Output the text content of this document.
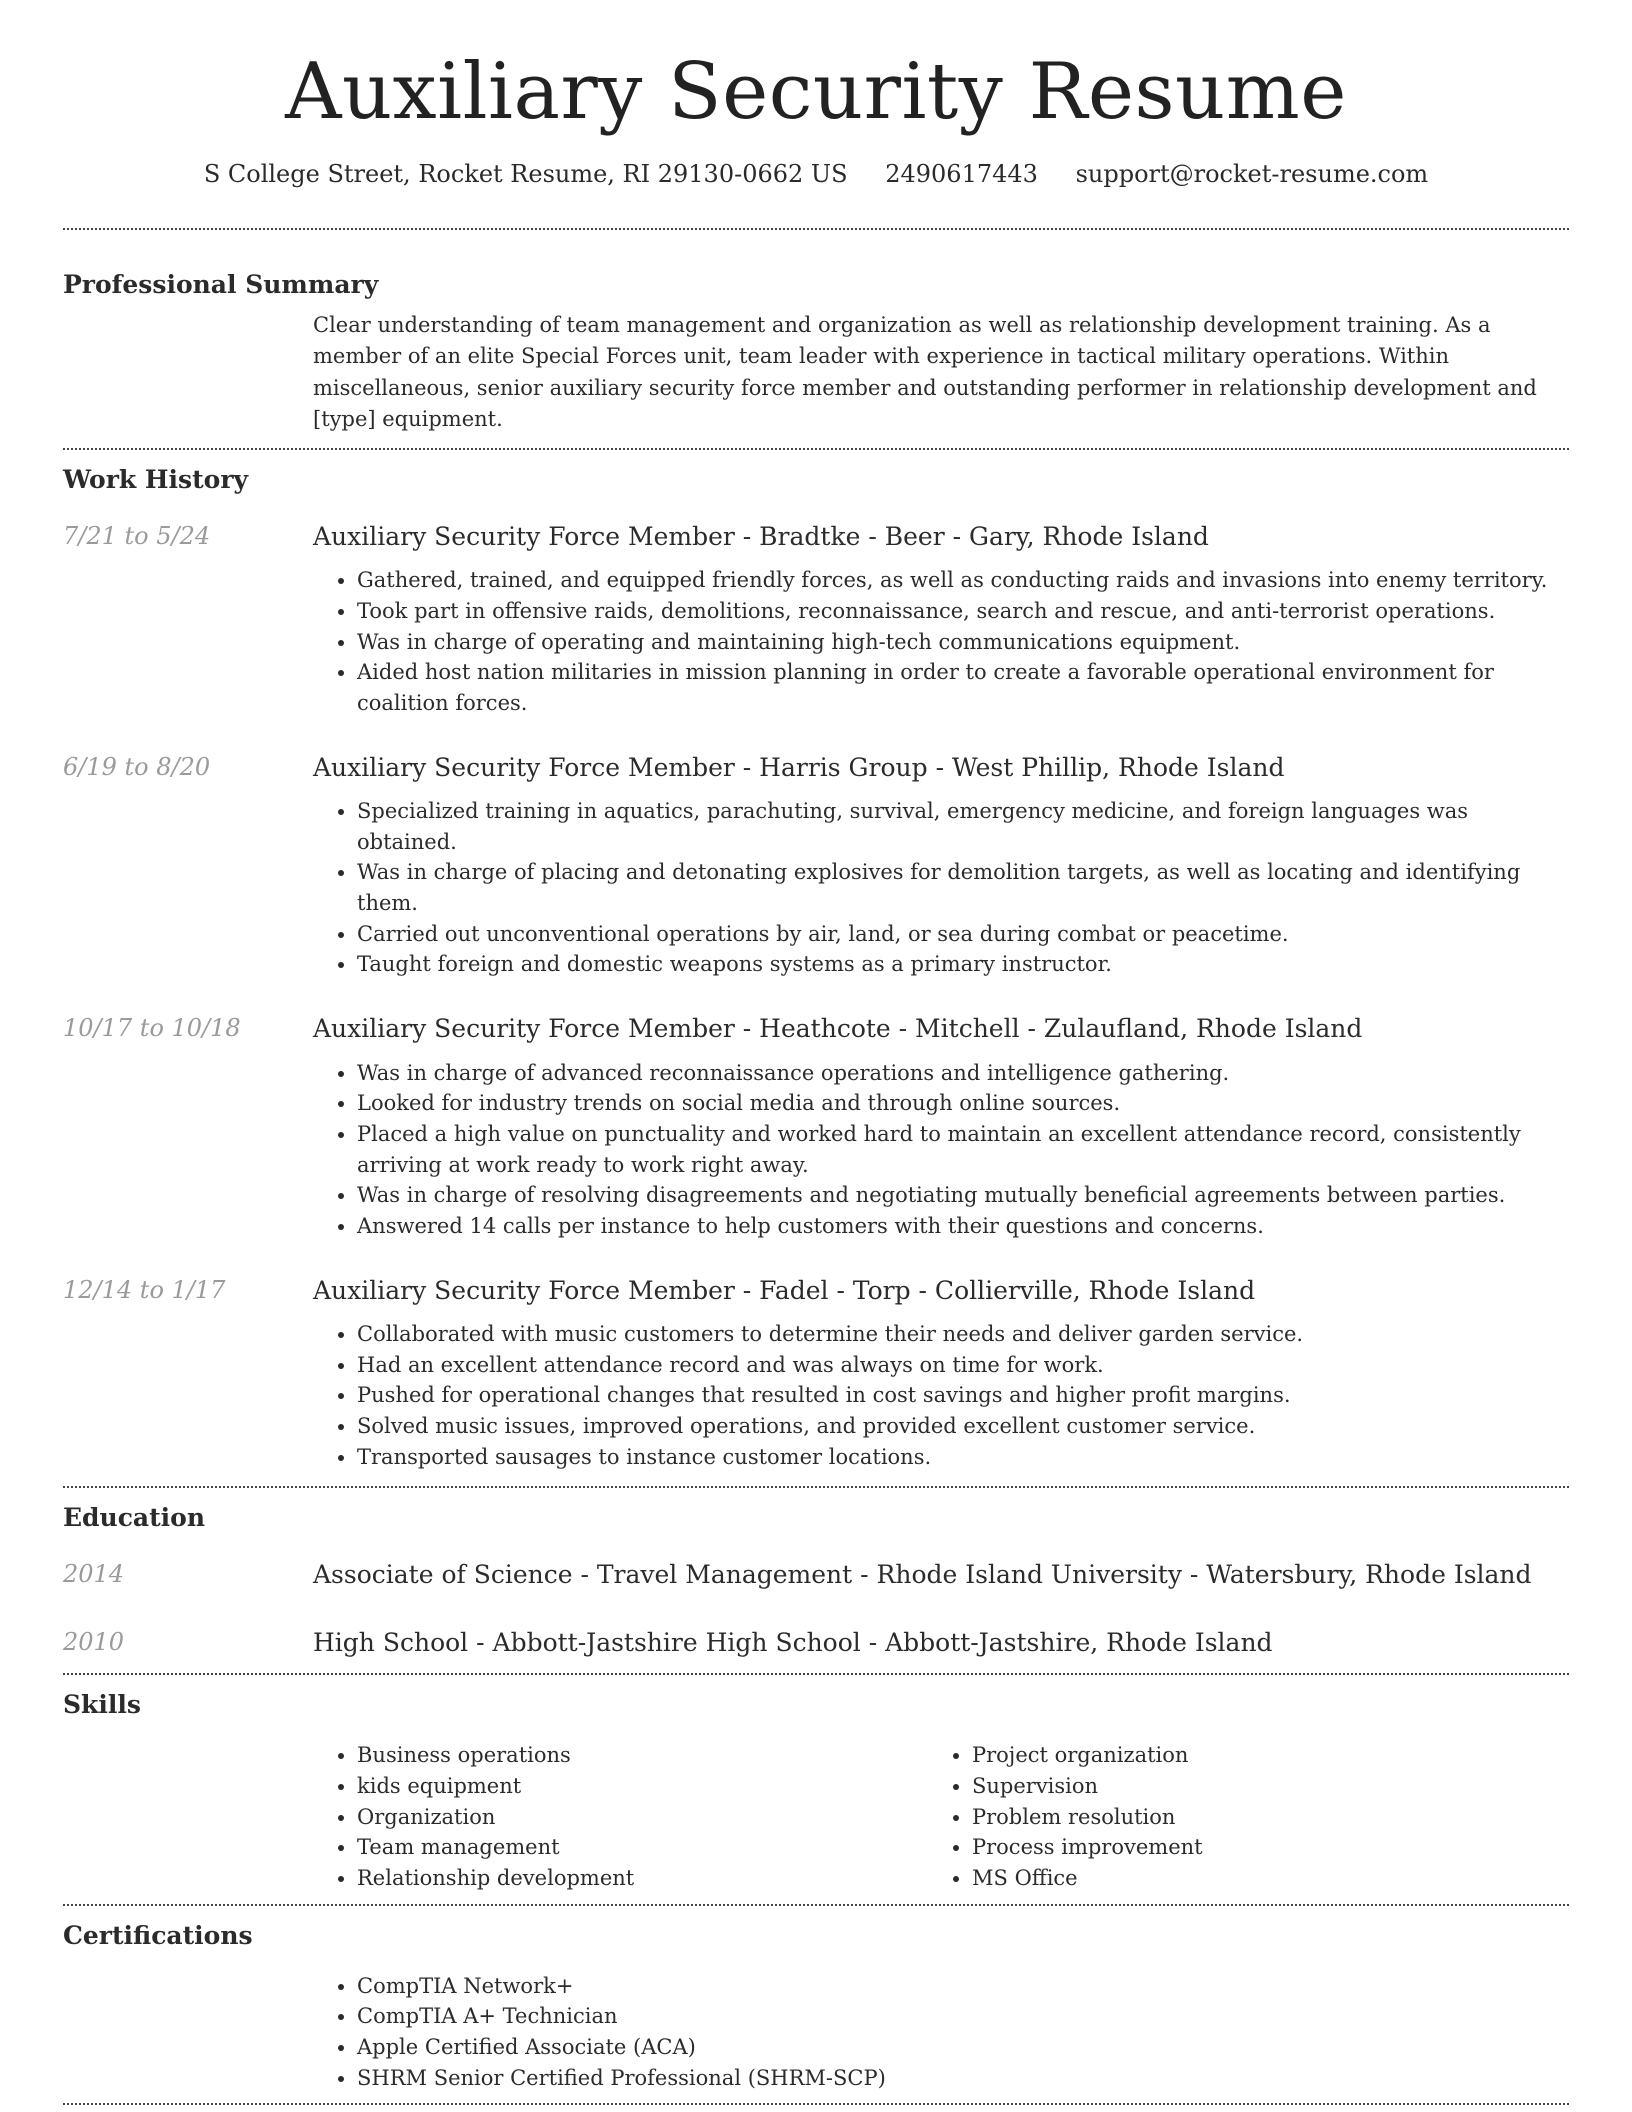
Auxiliary Security Resume
S College Street, Rocket Resume, RI 29130-0662 US 2490617443 support@rocket-resume.com
Professional Summary
Clear understanding of team management and organization as well as relationship development training. As a member of an elite Special Forces unit, team leader with experience in tactical military operations. Within miscellaneous, senior auxiliary security force member and outstanding performer in relationship development and [type] equipment.
Work History
7/21 to 5/24	Auxiliary Security Force Member - Bradtke - Beer - Gary, Rhode Island
• Gathered, trained, and equipped friendly forces, as well as conducting raids and invasions into enemy territory.
• Took part in offensive raids, demolitions, reconnaissance, search and rescue, and anti-terrorist operations.
• Was in charge of operating and maintaining high-tech communications equipment.
• Aided host nation militaries in mission planning in order to create a favorable operational environment for coalition forces.
6/19 to 8/20	Auxiliary Security Force Member - Harris Group - West Phillip, Rhode Island
• Specialized training in aquatics, parachuting, survival, emergency medicine, and foreign languages was obtained.
• Was in charge of placing and detonating explosives for demolition targets, as well as locating and identifying them.
• Carried out unconventional operations by air, land, or sea during combat or peacetime.
• Taught foreign and domestic weapons systems as a primary instructor.
10/17 to 10/18	Auxiliary Security Force Member - Heathcote - Mitchell - Zulaufland, Rhode Island
• Was in charge of advanced reconnaissance operations and intelligence gathering.
• Looked for industry trends on social media and through online sources.
• Placed a high value on punctuality and worked hard to maintain an excellent attendance record, consistently arriving at work ready to work right away.
• Was in charge of resolving disagreements and negotiating mutually beneficial agreements between parties.
• Answered 14 calls per instance to help customers with their questions and concerns.
12/14 to 1/17	Auxiliary Security Force Member - Fadel - Torp - Collierville, Rhode Island
• Collaborated with music customers to determine their needs and deliver garden service.
• Had an excellent attendance record and was always on time for work.
• Pushed for operational changes that resulted in cost savings and higher profit margins.
• Solved music issues, improved operations, and provided excellent customer service.
• Transported sausages to instance customer locations.
Education
2014	Associate of Science - Travel Management - Rhode Island University - Watersbury, Rhode Island
2010	High School - Abbott-Jastshire High School - Abbott-Jastshire, Rhode Island
Skills
• Business operations
• kids equipment
• Organization
• Team management
• Relationship development
• Project organization
• Supervision
• Problem resolution
• Process improvement
• MS Office
Certifications
• CompTIA Network+
• CompTIA A+ Technician
• Apple Certified Associate (ACA)
• SHRM Senior Certified Professional (SHRM-SCP)
